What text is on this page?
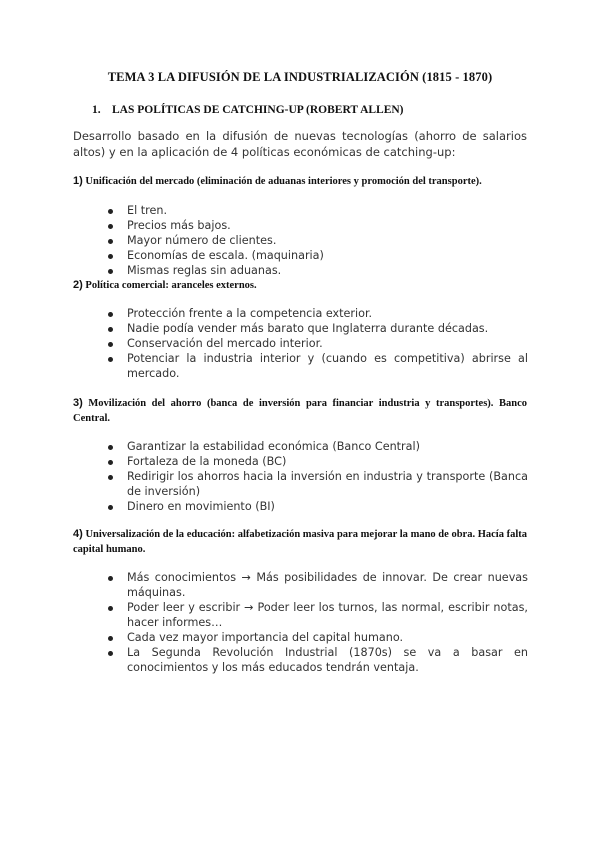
TEMA 3 LA DIFUSIÓN DE LA INDUSTRIALIZACIÓN (1815 - 1870)
1. LAS POLÍTICAS DE CATCHING-UP (ROBERT ALLEN)
Desarrollo basado en la difusión de nuevas tecnologías (ahorro de salarios altos) y en la aplicación de 4 políticas económicas de catching-up:
1) Unificación del mercado (eliminación de aduanas interiores y promoción del transporte).
El tren.
Precios más bajos.
Mayor número de clientes.
Economías de escala. (maquinaria)
Mismas reglas sin aduanas.
2) Política comercial: aranceles externos.
Protección frente a la competencia exterior.
Nadie podía vender más barato que Inglaterra durante décadas.
Conservación del mercado interior.
Potenciar la industria interior y (cuando es competitiva) abrirse al mercado.
3) Movilización del ahorro (banca de inversión para financiar industria y transportes). Banco Central.
Garantizar la estabilidad económica (Banco Central)
Fortaleza de la moneda (BC)
Redirigir los ahorros hacia la inversión en industria y transporte (Banca de inversión)
Dinero en movimiento (BI)
4) Universalización de la educación: alfabetización masiva para mejorar la mano de obra. Hacía falta capital humano.
Más conocimientos → Más posibilidades de innovar. De crear nuevas máquinas.
Poder leer y escribir → Poder leer los turnos, las normal, escribir notas, hacer informes…
Cada vez mayor importancia del capital humano.
La Segunda Revolución Industrial (1870s) se va a basar en conocimientos y los más educados tendrán ventaja.
